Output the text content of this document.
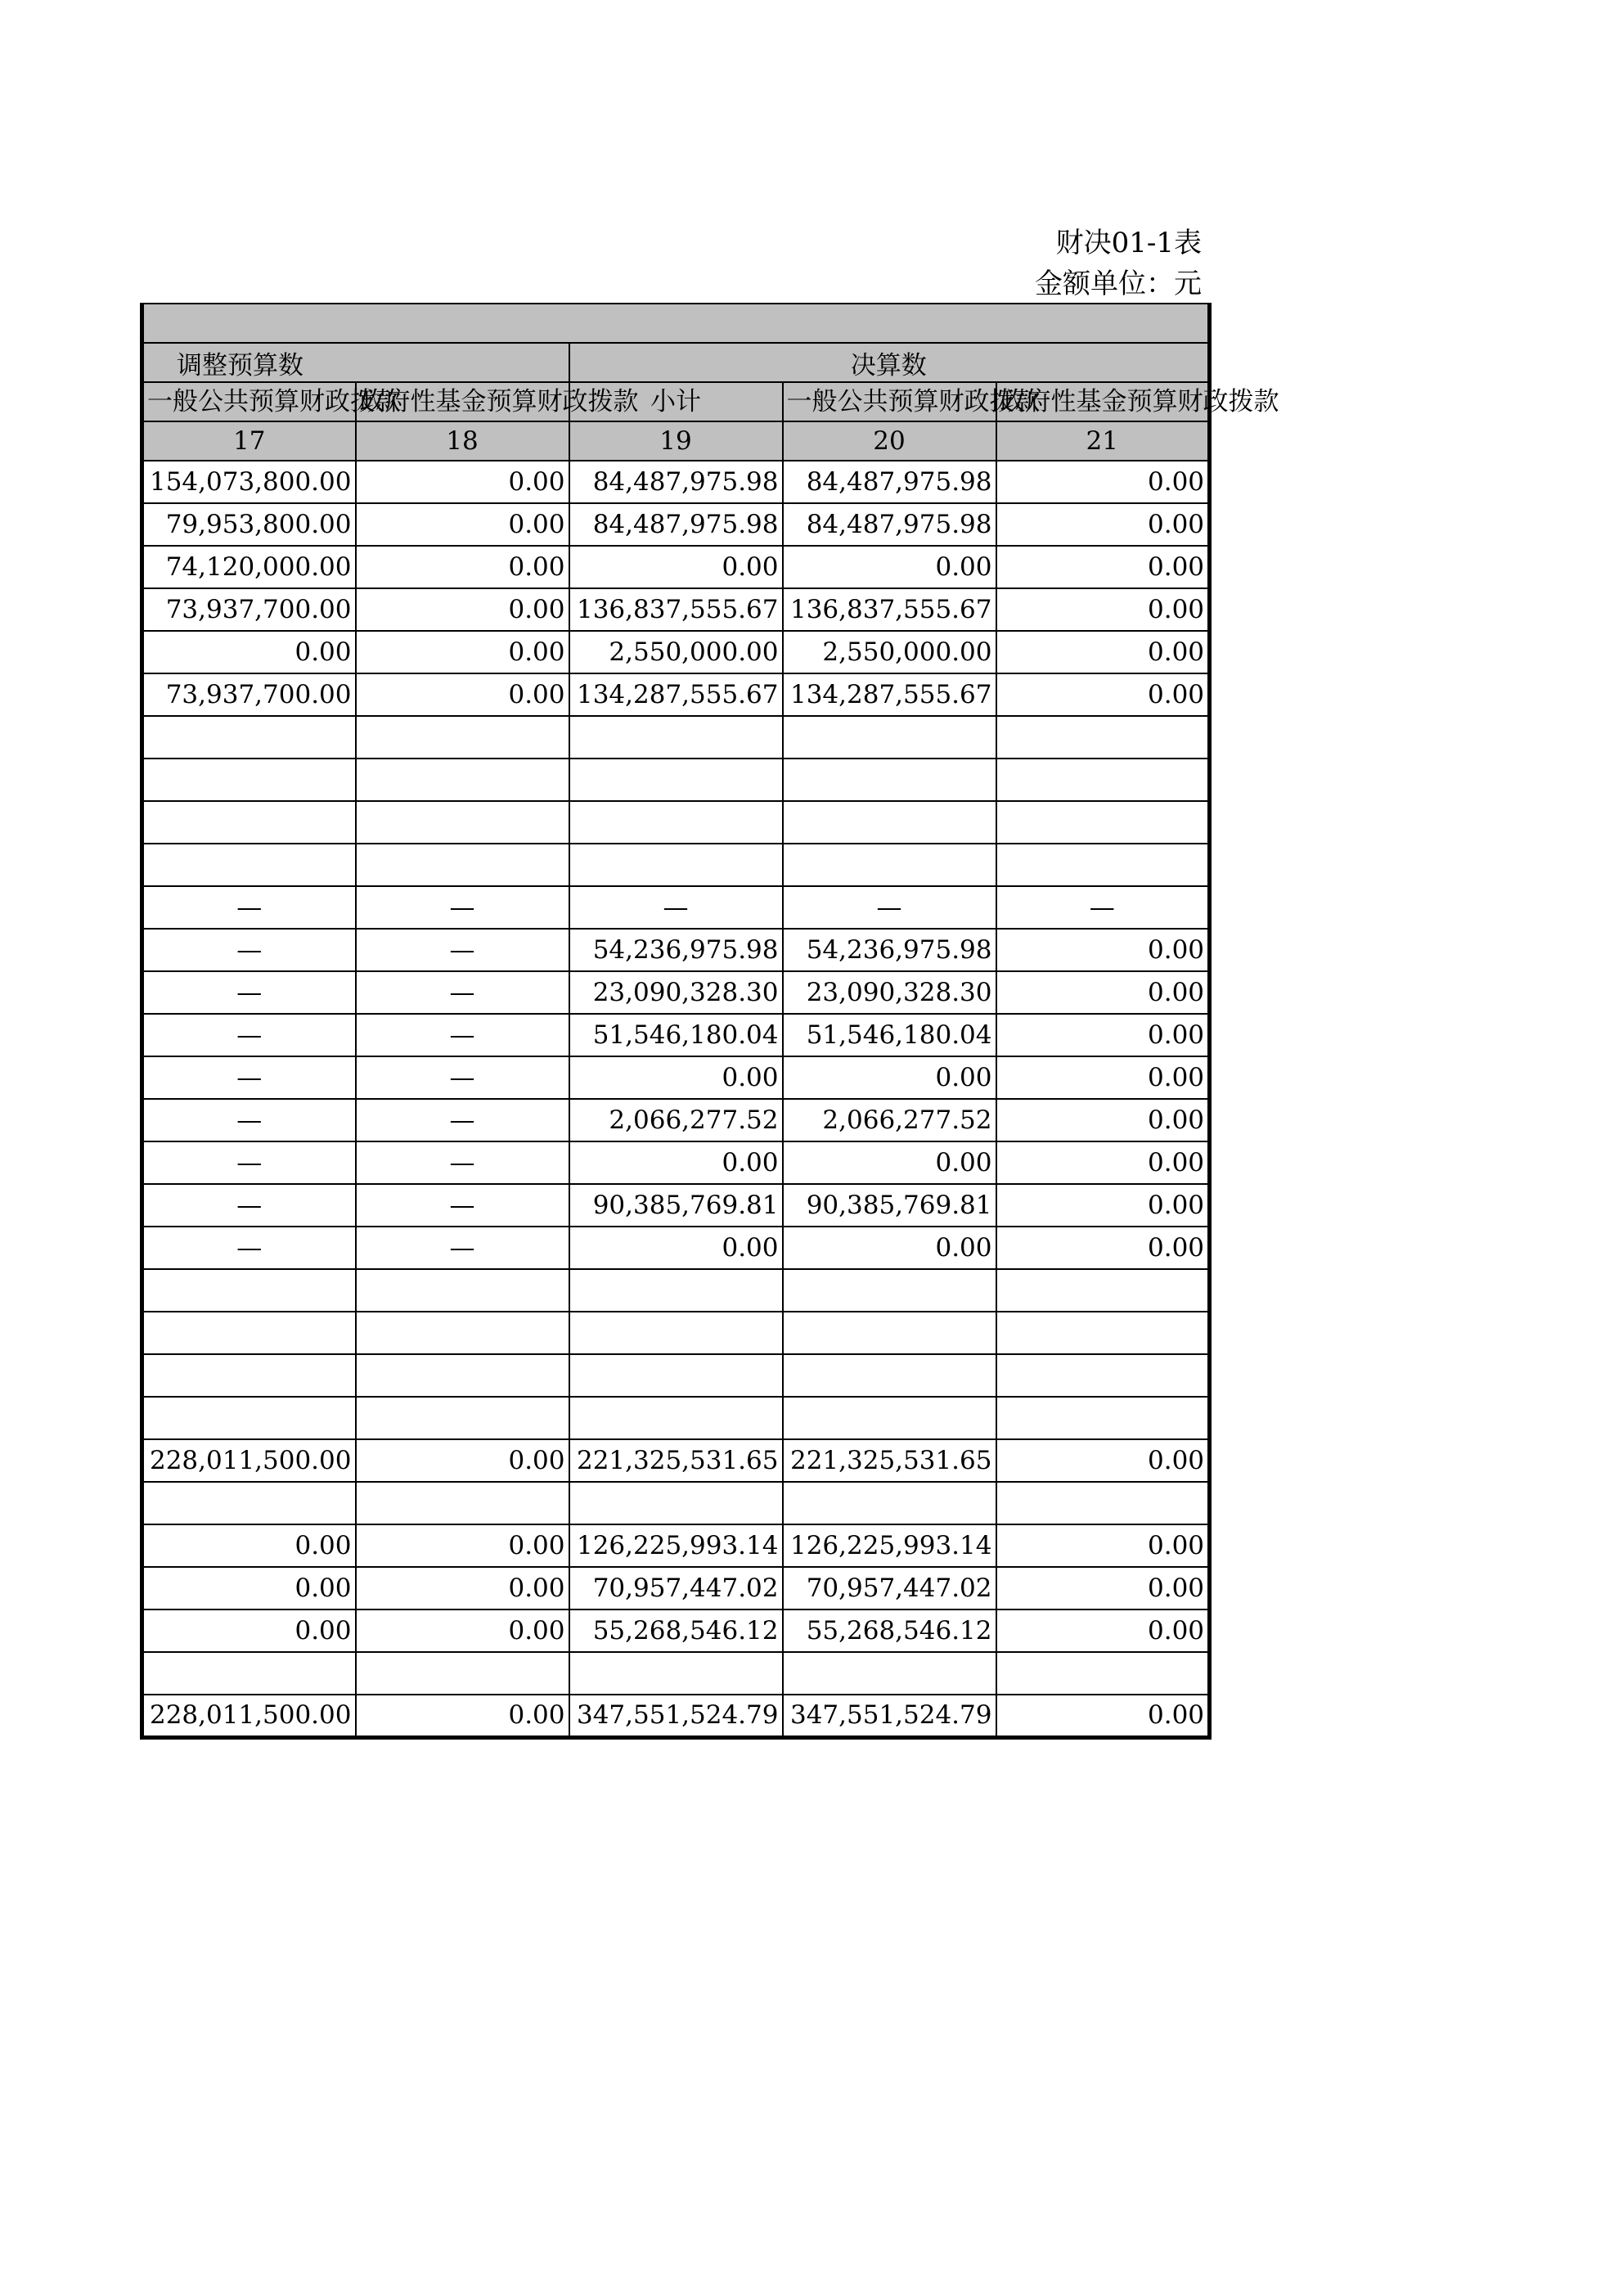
财决01-1表
金额单位：元

调整预算数		决算数		
一般公共预算财政拨款	政府性基金预算财政拨款	小计	一般公共预算财政拨款	政府性基金预算财政拨款
17	18	19	20	21
154,073,800.00	0.00	84,487,975.98	84,487,975.98	0.00
79,953,800.00	0.00	84,487,975.98	84,487,975.98	0.00
74,120,000.00	0.00	0.00	0.00	0.00
73,937,700.00	0.00	136,837,555.67	136,837,555.67	0.00
0.00	0.00	2,550,000.00	2,550,000.00	0.00
73,937,700.00	0.00	134,287,555.67	134,287,555.67	0.00

—	—	—	—	—
—	—	54,236,975.98	54,236,975.98	0.00
—	—	23,090,328.30	23,090,328.30	0.00
—	—	51,546,180.04	51,546,180.04	0.00
—	—	0.00	0.00	0.00
—	—	2,066,277.52	2,066,277.52	0.00
—	—	0.00	0.00	0.00
—	—	90,385,769.81	90,385,769.81	0.00
—	—	0.00	0.00	0.00

228,011,500.00	0.00	221,325,531.65	221,325,531.65	0.00

0.00	0.00	126,225,993.14	126,225,993.14	0.00
0.00	0.00	70,957,447.02	70,957,447.02	0.00
0.00	0.00	55,268,546.12	55,268,546.12	0.00

228,011,500.00	0.00	347,551,524.79	347,551,524.79	0.00
